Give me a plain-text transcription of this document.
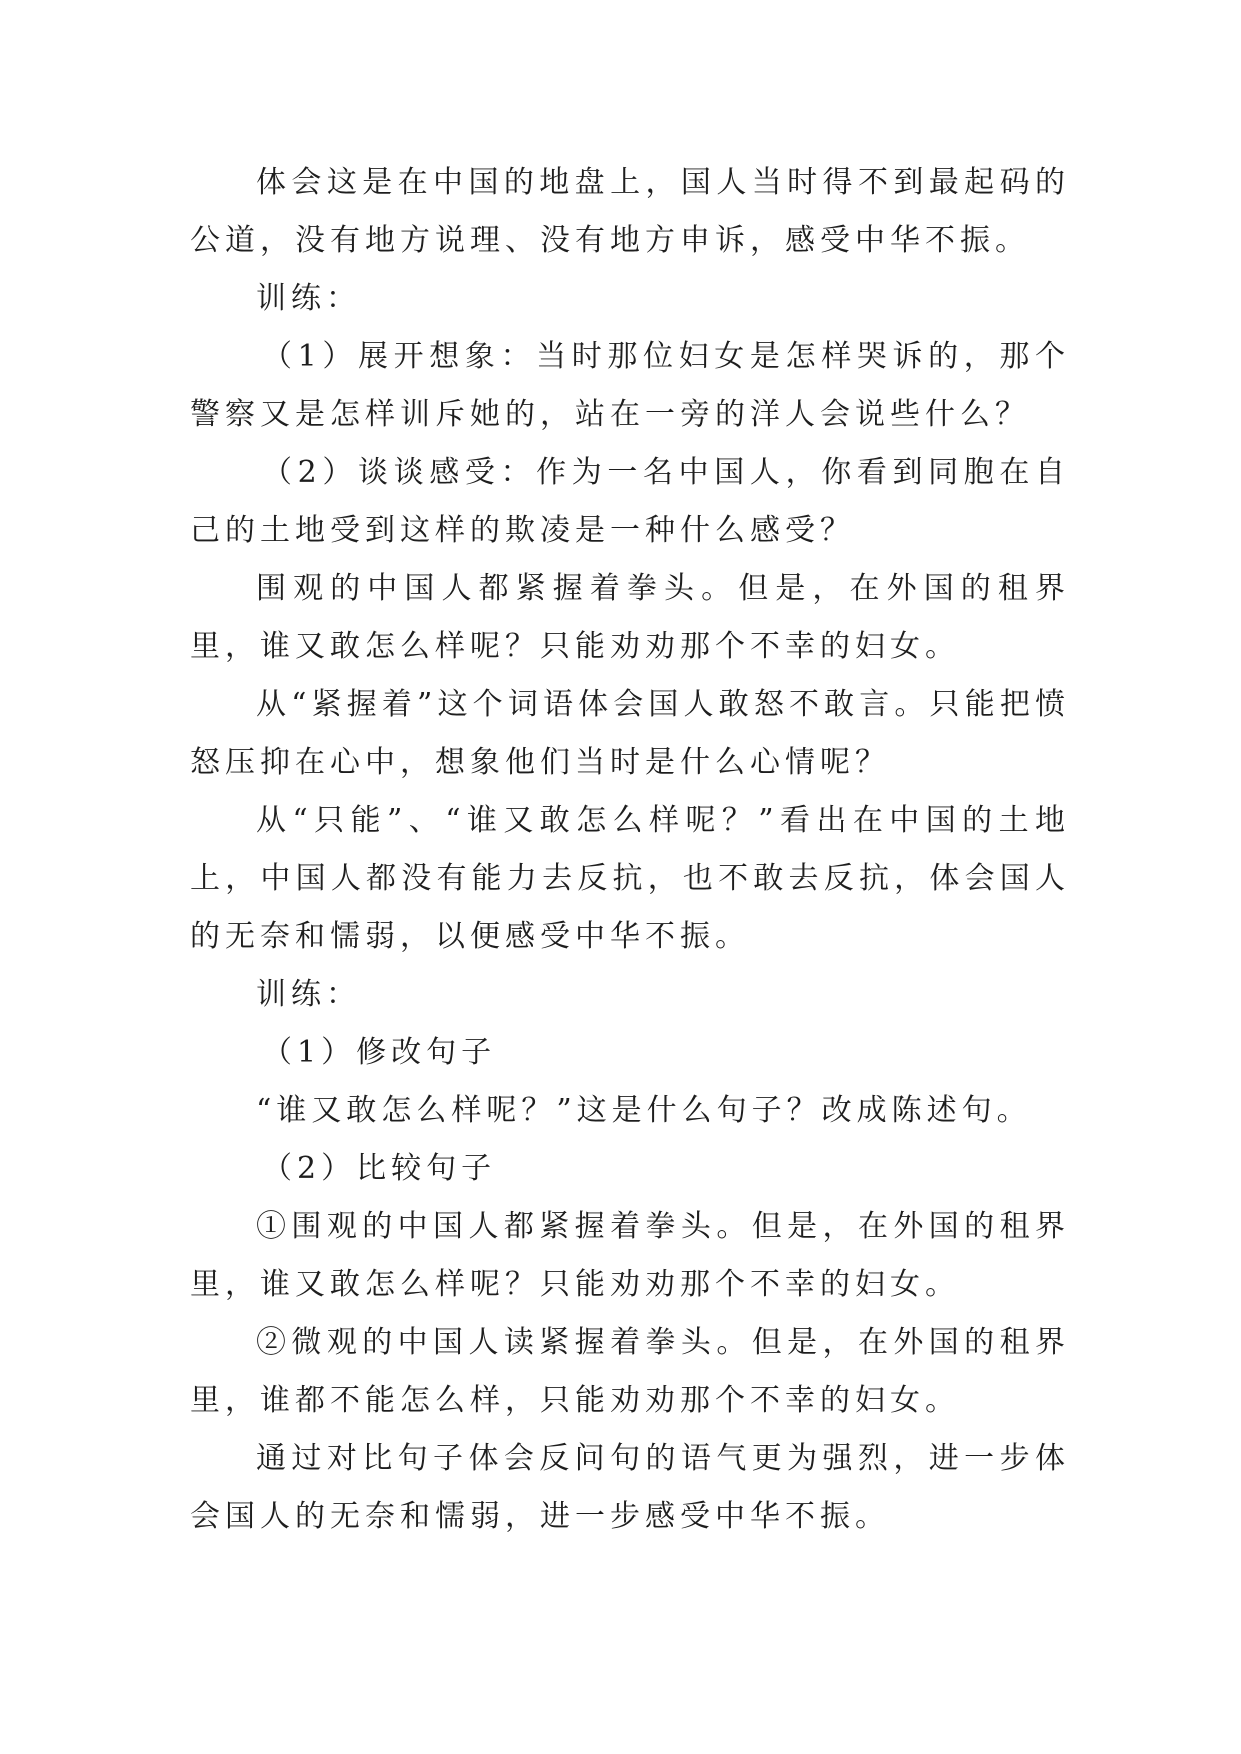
体会这是在中国的地盘上，国人当时得不到最起码的公道，没有地方说理、没有地方申诉，感受中华不振。

训练：

（1）展开想象：当时那位妇女是怎样哭诉的，那个警察又是怎样训斥她的，站在一旁的洋人会说些什么？

（2）谈谈感受：作为一名中国人，你看到同胞在自己的土地受到这样的欺凌是一种什么感受？

围观的中国人都紧握着拳头。但是，在外国的租界里，谁又敢怎么样呢？只能劝劝那个不幸的妇女。

从“紧握着”这个词语体会国人敢怒不敢言。只能把愤怒压抑在心中，想象他们当时是什么心情呢？

从“只能”、“谁又敢怎么样呢？”看出在中国的土地上，中国人都没有能力去反抗，也不敢去反抗，体会国人的无奈和懦弱，以便感受中华不振。

训练：

（1）修改句子

“谁又敢怎么样呢？”这是什么句子？改成陈述句。

（2）比较句子

①围观的中国人都紧握着拳头。但是，在外国的租界里，谁又敢怎么样呢？只能劝劝那个不幸的妇女。

②微观的中国人读紧握着拳头。但是，在外国的租界里，谁都不能怎么样，只能劝劝那个不幸的妇女。

通过对比句子体会反问句的语气更为强烈，进一步体会国人的无奈和懦弱，进一步感受中华不振。
